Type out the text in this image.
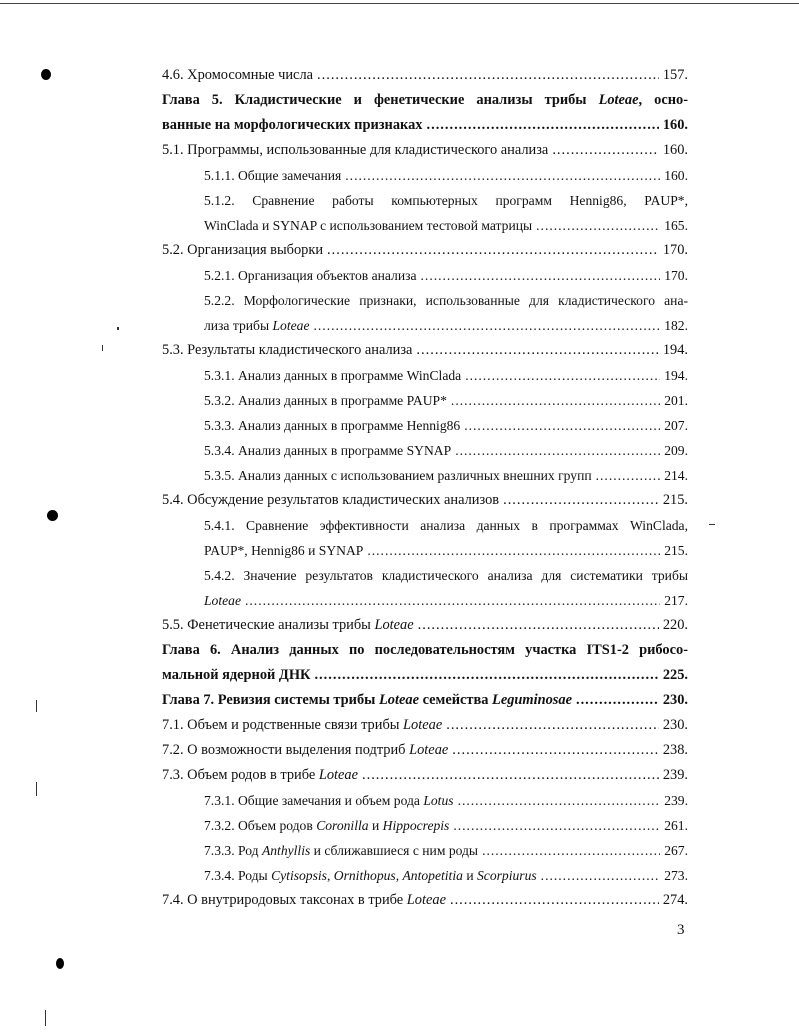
4.6. Хромосомные числа .....	157.
Глава 5. Кладистические и фенетические анализы трибы Loteae, осно-
ванные на морфологических признаках .....	160.
5.1. Программы, использованные для кладистического анализа .....	160.
5.1.1. Общие замечания .....	160.
5.1.2. Сравнение работы компьютерных программ Hennig86, PAUP*,
WinClada и SYNAP с использованием тестовой матрицы .....	165.
5.2. Организация выборки .....	170.
5.2.1. Организация объектов анализа .....	170.
5.2.2. Морфологические признаки, использованные для кладистического ана-
лиза трибы Loteae .....	182.
5.3. Результаты кладистического анализа .....	194.
5.3.1. Анализ данных в программе WinClada .....	194.
5.3.2. Анализ данных в программе PAUP* .....	201.
5.3.3. Анализ данных в программе Hennig86 .....	207.
5.3.4. Анализ данных в программе SYNAP .....	209.
5.3.5. Анализ данных с использованием различных внешних групп .....	214.
5.4. Обсуждение результатов кладистических анализов .....	215.
5.4.1. Сравнение эффективности анализа данных в программах WinClada,
PAUP*, Hennig86 и SYNAP .....	215.
5.4.2. Значение результатов кладистического анализа для систематики трибы
Loteae .....	217.
5.5. Фенетические анализы трибы Loteae .....	220.
Глава 6. Анализ данных по последовательностям участка ITS1-2 рибосо-
мальной ядерной ДНК .....	225.
Глава 7. Ревизия системы трибы Loteae семейства Leguminosae .....	230.
7.1. Объем и родственные связи трибы Loteae .....	230.
7.2. О возможности выделения подтриб Loteae .....	238.
7.3. Объем родов в трибе Loteae .....	239.
7.3.1. Общие замечания и объем рода Lotus .....	239.
7.3.2. Объем родов Coronilla и Hippocrepis .....	261.
7.3.3. Род Anthyllis и сближавшиеся с ним роды .....	267.
7.3.4. Роды Cytisopsis, Ornithopus, Antopetitia и Scorpiurus .....	273.
7.4. О внутриродовых таксонах в трибе Loteae .....	274.
3
